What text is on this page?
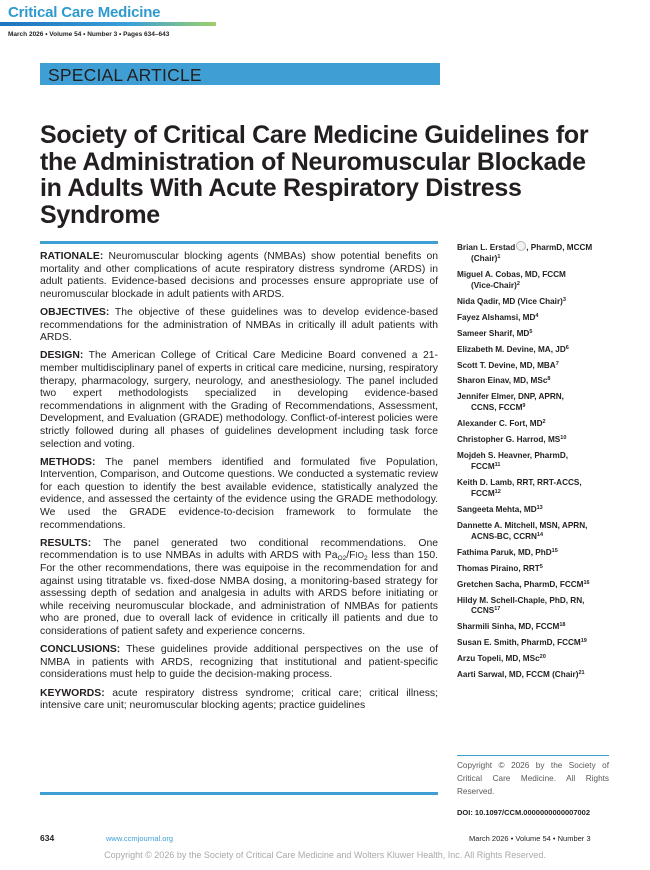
Critical Care Medicine
March 2026 • Volume 54 • Number 3 • Pages 634–643
SPECIAL ARTICLE
Society of Critical Care Medicine Guidelines for the Administration of Neuromuscular Blockade in Adults With Acute Respiratory Distress Syndrome

RATIONALE: Neuromuscular blocking agents (NMBAs) show potential benefits on mortality and other complications of acute respiratory distress syndrome (ARDS) in adult patients. Evidence-based decisions and processes ensure appropriate use of neuromuscular blockade in adult patients with ARDS.

OBJECTIVES: The objective of these guidelines was to develop evidence-based recommendations for the administration of NMBAs in critically ill adult patients with ARDS.

DESIGN: The American College of Critical Care Medicine Board convened a 21-member multidisciplinary panel of experts in critical care medicine, nursing, respiratory therapy, pharmacology, surgery, neurology, and anesthesiology. The panel included two expert methodologists specialized in developing evidence-based recommendations in alignment with the Grading of Recommendations, Assessment, Development, and Evaluation (GRADE) methodology. Conflict-of-interest policies were strictly followed during all phases of guidelines development including task force selection and voting.

METHODS: The panel members identified and formulated five Population, Intervention, Comparison, and Outcome questions. We conducted a systematic review for each question to identify the best available evidence, statistically analyzed the evidence, and assessed the certainty of the evidence using the GRADE methodology. We used the GRADE evidence-to-decision framework to formulate the recommendations.

RESULTS: The panel generated two conditional recommendations. One recommendation is to use NMBAs in adults with ARDS with $Pa_{O2}/FIO_2$ less than 150. For the other recommendations, there was equipoise in the recommendation for and against using titratable vs. fixed-dose NMBA dosing, a monitoring-based strategy for assessing depth of sedation and analgesia in adults with ARDS before initiating or while receiving neuromuscular blockade, and administration of NMBAs for patients who are proned, due to overall lack of evidence in critically ill patients and due to considerations of patient safety and experience concerns.

CONCLUSIONS: These guidelines provide additional perspectives on the use of NMBA in patients with ARDS, recognizing that institutional and patient-specific considerations must help to guide the decision-making process.

KEYWORDS: acute respiratory distress syndrome; critical care; critical illness; intensive care unit; neuromuscular blocking agents; practice guidelines

Brian L. Erstad , PharmD, MCCM
(Chair)$^1$
Miguel A. Cobas, MD, FCCM
(Vice-Chair)$^2$
Nida Qadir, MD (Vice Chair)$^3$
Fayez Alshamsi, $MD^4$
Sameer Sharif, $MD^5$
Elizabeth M. Devine, MA, $JD^6$
Scott T. Devine, MD, MBA$^7$
Sharon Einav, MD, MSc$^8$
Jennifer Elmer, DNP, APRN,
CCNS, FCCM$^9$
Alexander C. Fort, $MD^2$
Christopher G. Harrod, MS$^{10}$
Mojdeh S. Heavner, PharmD,
FCCM$^{11}$
Keith D. Lamb, RRT, RRT-ACCS,
FCCM$^{12}$
Sangeeta Mehta, MD$^{13}$
Dannette A. Mitchell, MSN, APRN,
ACNS-BC, CCRN$^{14}$
Fathima Paruk, MD, PhD$^{15}$
Thomas Piraino, RRT$^5$
Gretchen Sacha, PharmD, FCCM$^{16}$
Hildy M. Schell-Chaple, PhD, RN,
CCNS$^{17}$
Sharmili Sinha, MD, FCCM$^{18}$
Susan E. Smith, PharmD, FCCM$^{19}$
Arzu Topeli, MD, MSc$^{20}$
Aarti Sarwal, MD, FCCM (Chair)$^{21}$
Copyright © 2026 by the Society of Critical Care Medicine. All Rights Reserved.
DOI: 10.1097/CCM.0000000000007002
634	www.ccmjournal.org	March 2026 • Volume 54 • Number 3
Copyright © 2026 by the Society of Critical Care Medicine and Wolters Kluwer Health, Inc. All Rights Reserved.
